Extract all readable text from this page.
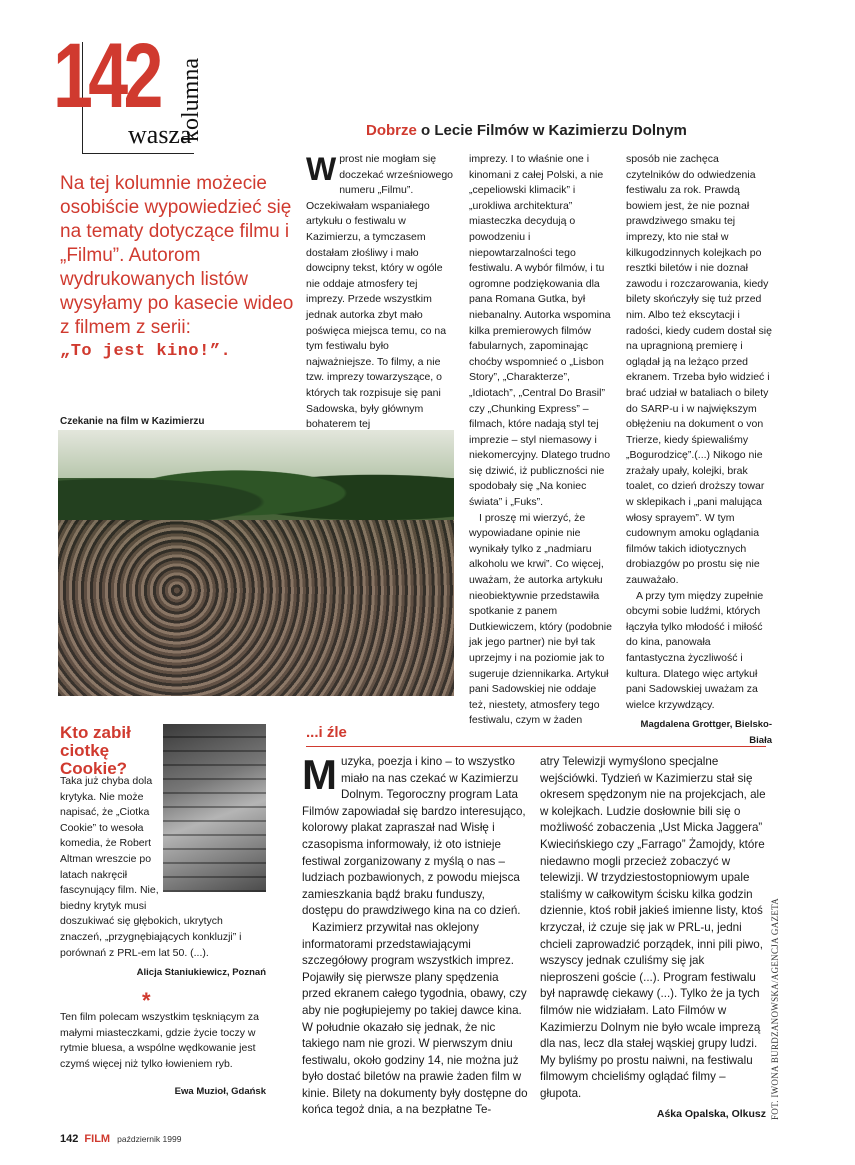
142 kolumna
wasza	Dobrze o Lecie Filmów w Kazimierzu Dolnym
Na tej kolumnie możecie osobiście wypowiedzieć się na tematy dotyczące filmu i „Filmu”. Autorom wydrukowanych listów wysyłamy po kasecie wideo z filmem z serii:
„To jest kino!”.
W prost nie mogłam się doczekać wrześniowego numeru „Filmu”. Oczekiwałam wspaniałego artykułu o festiwalu w Kazimierzu, a tymczasem dostałam złośliwy i mało dowcipny tekst, który w ogóle nie oddaje atmosfery tej imprezy. Przede wszystkim jednak autorka zbyt mało poświęca miejsca temu, co na tym festiwalu było najważniejsze. To filmy, a nie tzw. imprezy towarzyszące, o których tak rozpisuje się pani Sadowska, były głównym bohaterem tej

imprezy. I to właśnie one i kinomani z całej Polski, a nie „cepeliowski klimacik” i „urokliwa architektura” miasteczka decydują o powodzeniu i niepowtarzalności tego festiwalu. A wybór filmów, i tu ogromne podziękowania dla pana Romana Gutka, był niebanalny. Autorka wspomina kilka premierowych filmów fabularnych, zapominając choćby wspomnieć o „Lisbon Story”, „Charakterze”, „Idiotach”, „Central Do Brasil” czy „Chunking Express” – filmach, które nadają styl tej imprezie – styl niemasowy i niekomercyjny. Dlatego trudno się dziwić, iż publiczności nie spodobały się „Na koniec świata” i „Fuks”.

I proszę mi wierzyć, że wypowiadane opinie nie wynikały tylko z „nadmiaru alkoholu we krwi”. Co więcej, uważam, że autorka artykułu nieobiektywnie przedstawiła spotkanie z panem Dutkiewiczem, który (podobnie jak jego partner) nie był tak uprzejmy i na poziomie jak to sugeruje dziennikarka. Artykuł pani Sadowskiej nie oddaje też, niestety, atmosfery tego festiwalu, czym w żaden

sposób nie zachęca czytelników do odwiedzenia festiwalu za rok. Prawdą bowiem jest, że nie poznał prawdziwego smaku tej imprezy, kto nie stał w kilkugodzinnych kolejkach po resztki biletów i nie doznał zawodu i rozczarowania, kiedy bilety skończyły się tuż przed nim. Albo też ekscytacji i radości, kiedy cudem dostał się na upragnioną premierę i oglądał ją na leżąco przed ekranem. Trzeba było widzieć i brać udział w bataliach o bilety do SARP-u i w największym obłężeniu na dokument o von Trierze, kiedy śpiewaliśmy „Bogurodzicę”.(...) Nikogo nie zrażały upały, kolejki, brak toalet, co dzień droższy towar w sklepikach i „pani malująca włosy sprayem”. W tym cudownym amoku oglądania filmów takich idiotycznych drobiazgów po prostu się nie zauważało.

A przy tym między zupełnie obcymi sobie ludźmi, których łączyła tylko młodość i miłość do kina, panowała fantastyczna życzliwość i kultura. Dlatego więc artykuł pani Sadowskiej uważam za wielce krzywdzący.

Magdalena Grottger, Bielsko-Biała
Czekanie na film w Kazimierzu
Kto zabił ciotkę Cookie?

Taka już chyba dola krytyka. Nie może napisać, że „Ciotka Cookie” to wesoła komedia, że Robert Altman wreszcie po latach nakręcił fascynujący film. Nie, biedny krytyk musi doszukiwać się głębokich, ukrytych znaczeń, „przygnębiających konkluzji” i porównań z PRL-em lat 50. (...).

Alicja Staniukiewicz, Poznań
*

Ten film polecam wszystkim tęskniącym za małymi miasteczkami, gdzie życie toczy w rytmie bluesa, a wspólne wędkowanie jest czymś więcej niż tylko łowieniem ryb.

Ewa Muzioł, Gdańsk
...i źle
M uzyka, poezja i kino – to wszystko miało na nas czekać w Kazimierzu Dolnym. Tegoroczny program Lata Filmów zapowiadał się bardzo interesująco, kolorowy plakat zapraszał nad Wisłę i czasopisma informowały, iż oto istnieje festiwal zorganizowany z myślą o nas – ludziach pozbawionych, z powodu miejsca zamieszkania bądź braku funduszy, dostępu do prawdziwego kina na co dzień.

Kazimierz przywitał nas oklejony informatorami przedstawiającymi szczegółowy program wszystkich imprez. Pojawiły się pierwsze plany spędzenia przed ekranem całego tygodnia, obawy, czy aby nie pogłupiejemy po takiej dawce kina. W południe okazało się jednak, że nic takiego nam nie grozi. W pierwszym dniu festiwalu, około godziny 14, nie można już było dostać biletów na prawie żaden film w kinie. Bilety na dokumenty były dostępne do końca tegoż dnia, a na bezpłatne Te-

atry Telewizji wymyślono specjalne wejściówki. Tydzień w Kazimierzu stał się okresem spędzonym nie na projekcjach, ale w kolejkach. Ludzie dosłownie bili się o możliwość zobaczenia „Ust Micka Jaggera” Kwiecińskiego czy „Farrago” Żamojdy, które niedawno mogli przecież zobaczyć w telewizji. W trzydziestostopniowym upale staliśmy w całkowitym ścisku kilka godzin dziennie, ktoś robił jakieś imienne listy, ktoś krzyczał, iż czuje się jak w PRL-u, jedni chcieli zaprowadzić porządek, inni pili piwo, wszyscy jednak czuliśmy się jak nieproszeni goście (...). Program festiwalu był naprawdę ciekawy (...). Tylko że ja tych filmów nie widziałam. Lato Filmów w Kazimierzu Dolnym nie było wcale imprezą dla nas, lecz dla stałej wąskiej grupy ludzi. My byliśmy po prostu naiwni, na festiwalu filmowym chcieliśmy oglądać filmy – głupota.

Aśka Opalska, Olkusz FOT. IWONA BURDZANOWSKA/AGENCJA GAZETA
142 FILM październik 1999
